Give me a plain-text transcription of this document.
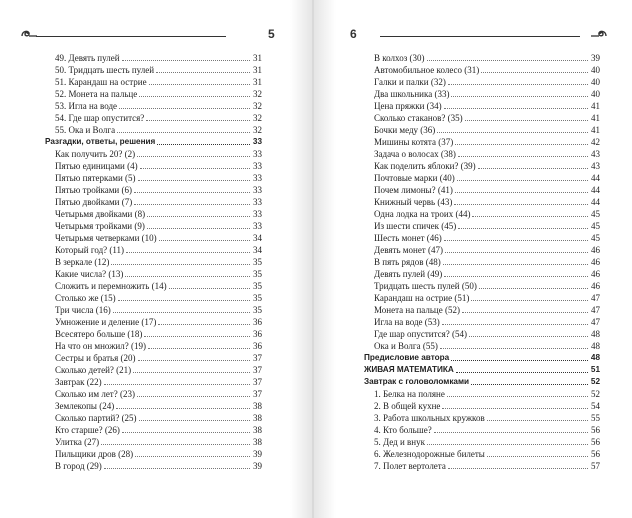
5
49. Девять пулей	31
50. Тридцать шесть пулей	31
51. Карандаш на острие	31
52. Монета на пальце	32
53. Игла на воде	32
54. Где шар опустится?	32
55. Ока и Волга	32
Разгадки, ответы, решения	33
Как получить 20? (2)	33
Пятью единицами (4)	33
Пятью пятерками (5)	33
Пятью тройками (6)	33
Пятью двойками (7)	33
Четырьмя двойками (8)	33
Четырьмя тройками (9)	33
Четырьмя четверками (10)	34
Который год? (11)	34
В зеркале (12)	35
Какие числа? (13)	35
Сложить и перемножить (14)	35
Столько же (15)	35
Три числа (16)	35
Умножение и деление (17)	36
Всесятеро больше (18)	36
На что он множил? (19)	36
Сестры и братья (20)	37
Сколько детей? (21)	37
Завтрак (22)	37
Сколько им лет? (23)	37
Землекопы (24)	38
Сколько партий? (25)	38
Кто старше? (26)	38
Улитка (27)	38
Пильщики дров (28)	39
В город (29)	39
6
В колхоз (30)	39
Автомобильное колесо (31)	40
Галки и палки (32)	40
Два школьника (33)	40
Цена пряжки (34)	41
Сколько стаканов? (35)	41
Бочки меду (36)	41
Мишины котята (37)	42
Задача о волосах (38)	43
Как поделить яблоки? (39)	43
Почтовые марки (40)	44
Почем лимоны? (41)	44
Книжный червь (43)	44
Одна лодка на троих (44)	45
Из шести спичек (45)	45
Шесть монет (46)	45
Девять монет (47)	46
В пять рядов (48)	46
Девять пулей (49)	46
Тридцать шесть пулей (50)	46
Карандаш на острие (51)	47
Монета на пальце (52)	47
Игла на воде (53)	47
Где шар опустится? (54)	48
Ока и Волга (55)	48
Предисловие автора	48
ЖИВАЯ МАТЕМАТИКА	51
Завтрак с головоломками	52
1. Белка на поляне	52
2. В общей кухне	54
3. Работа школьных кружков	55
4. Кто больше?	56
5. Дед и внук	56
6. Железнодорожные билеты	56
7. Полет вертолета	57
